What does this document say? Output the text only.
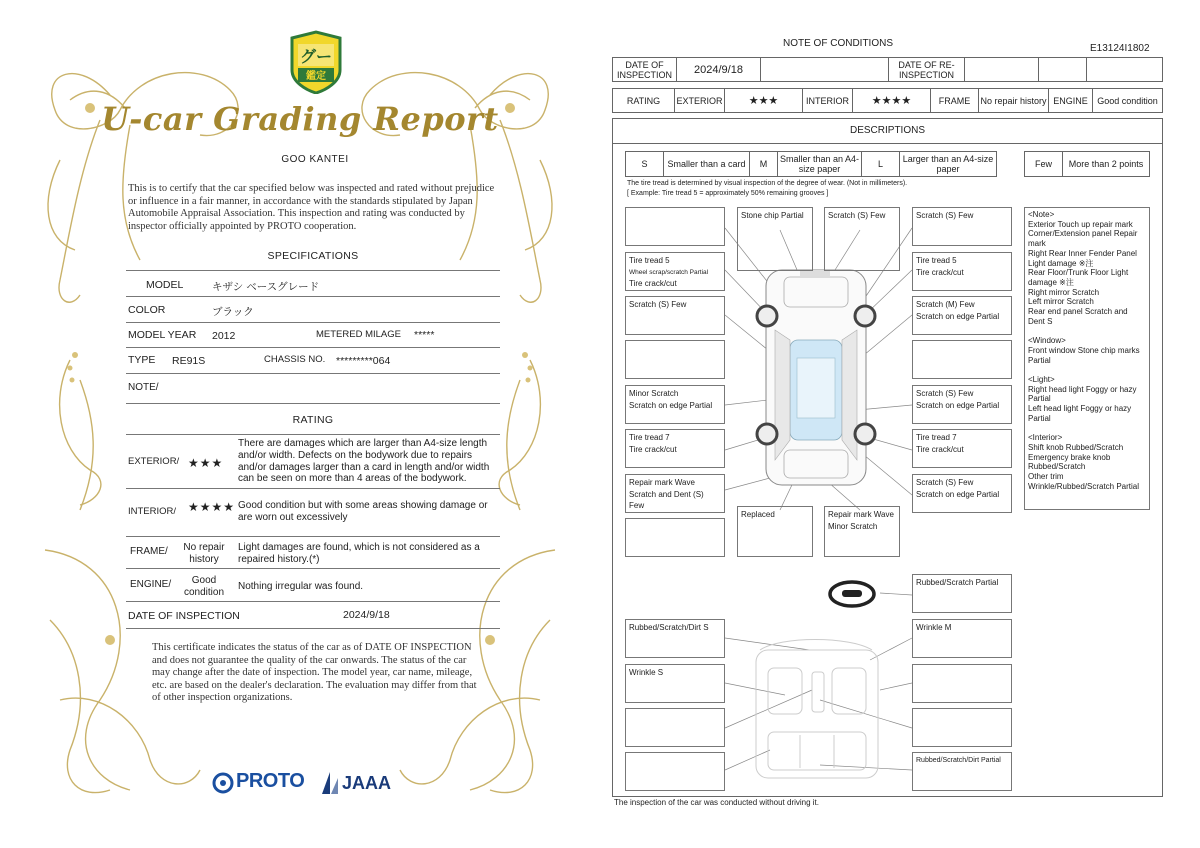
グー
鑑定
U-car Grading Report
GOO KANTEI
This is to certify that the car specified below was inspected and rated without prejudice or influence in a fair manner, in accordance with the standards stipulated by Japan Automobile Appraisal Association. This inspection and rating was conducted by inspector officially appointed by PROTO cooperation.
SPECIFICATIONS
MODEL	キザシ ベースグレード
COLOR	ブラック
MODEL YEAR 2012	METERED MILAGE *****
TYPE RE91S	CHASSIS NO. *********064
NOTE/
RATING
EXTERIOR/ ★★★
There are damages which are larger than A4-size length and/or width. Defects on the bodywork due to repairs and/or damages larger than a card in length and/or width can be seen on more than 4 areas of the bodywork.
INTERIOR/ ★★★★ Good condition but with some areas showing damage or are worn out excessively
FRAME/	No repair history
Light damages are found, which is not considered as a repaired history.(*)
ENGINE/	Good condition
Nothing irregular was found.
DATE OF INSPECTION	2024/9/18
This certificate indicates the status of the car as of DATE OF INSPECTION and does not guarantee the quality of the car onwards. The status of the car may change after the date of inspection. The model year, car name, mileage, etc. are based on the dealer's declaration. The evaluation may differ from that of other inspection organizations.
PROTO JAAA
NOTE OF CONDITIONS	E13124I1802
DATE OF INSPECTION	2024/9/18		DATE OF RE-INSPECTION			
RATING	EXTERIOR	★★★	INTERIOR	★★★★	FRAME	No repair history	ENGINE	Good condition
DESCRIPTIONS
S	Smaller than a card	M	Smaller than an A4-size paper	L	Larger than an A4-size paper	Few	More than 2 points
The tire tread is determined by visual inspection of the degree of wear. (Not in millimeters).
[ Example: Tire tread 5 = approximately 50% remaining grooves ]
Stone chip Partial	Scratch (S) Few	Scratch (S) Few
Tire tread 5
Wheel scrap/scratch Partial
Tire crack/cut
Scratch (S) Few
Minor Scratch
Scratch on edge Partial
Tire tread 7
Tire crack/cut
Repair mark Wave
Scratch and Dent (S) Few
Replaced	Repair mark Wave
Minor Scratch
Tire tread 5
Tire crack/cut
Scratch (M) Few
Scratch on edge Partial
Scratch (S) Few
Scratch on edge Partial
Tire tread 7
Tire crack/cut
Scratch (S) Few
Scratch on edge Partial

<Note>

Exterior Touch up repair mark

Corner/Extension panel Repair mark

Right Rear Inner Fender Panel Light damage ※注

Rear Floor/Trunk Floor Light damage ※注

Right mirror Scratch

Left mirror Scratch

Rear end panel Scratch and Dent S

<Window>

Front window Stone chip marks Partial

<Light>

Right head light Foggy or hazy Partial

Left head light Foggy or hazy Partial

<Interior>

Shift knob Rubbed/Scratch

Emergency brake knob Rubbed/Scratch

Other trim Wrinkle/Rubbed/Scratch Partial

Rubbed/Scratch Partial
Rubbed/Scratch/Dirt S	Wrinkle M
Wrinkle S
Rubbed/Scratch/Dirt Partial
The inspection of the car was conducted without driving it.
